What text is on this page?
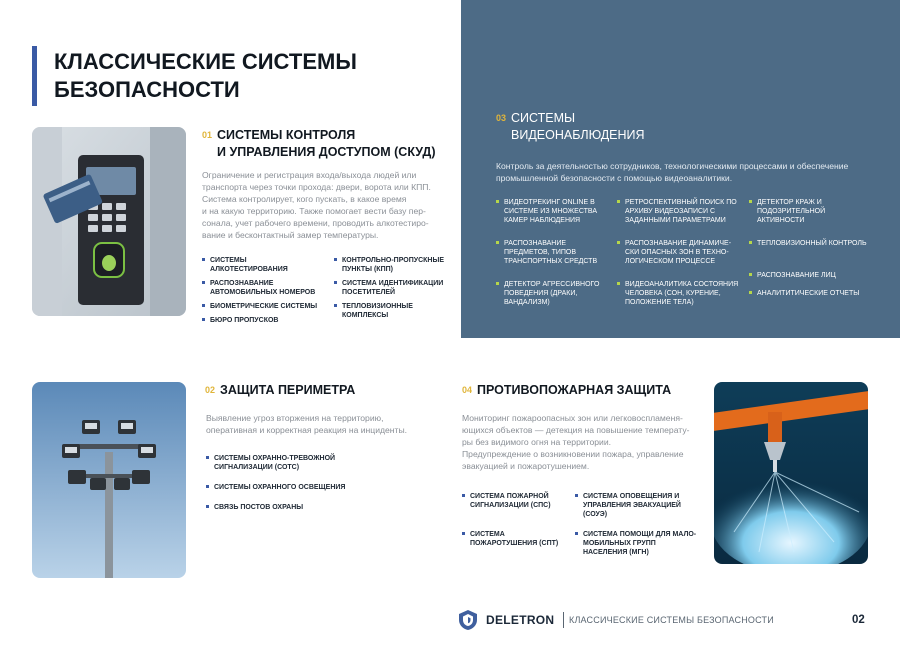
КЛАССИЧЕСКИЕ СИСТЕМЫ
БЕЗОПАСНОСТИ
01 СИСТЕМЫ КОНТРОЛЯ
И УПРАВЛЕНИЯ ДОСТУПОМ (СКУД)

Ограничение и регистрация входа/выхода людей или
транспорта через точки прохода: двери, ворота или КПП.
Система контролирует, кого пускать, в какое время
и на какую территорию. Также помогает вести базу пер-
сонала, учет рабочего времени, проводить алкотестиро-
вание и бесконтактный замер температуры.

СИСТЕМЫ АЛКОТЕСТИРОВАНИЯ
РАСПОЗНАВАНИЕ АВТОМОБИЛЬНЫХ НОМЕРОВ
БИОМЕТРИЧЕСКИЕ СИСТЕМЫ
БЮРО ПРОПУСКОВ
КОНТРОЛЬНО-ПРОПУСКНЫЕ ПУНКТЫ (КПП)
СИСТЕМА ИДЕНТИФИКАЦИИ ПОСЕТИТЕЛЕЙ
ТЕПЛОВИЗИОННЫЕ КОМПЛЕКСЫ
03 СИСТЕМЫ
ВИДЕОНАБЛЮДЕНИЯ

Контроль за деятельностью сотрудников, технологическими процессами и обеспечение
промышленной безопасности с помощью видеоаналитики.

ВИДЕОТРЕКИНГ ONLINE В СИСТЕМЕ ИЗ МНОЖЕСТВА КАМЕР НАБЛЮДЕНИЯ
РАСПОЗНАВАНИЕ ПРЕДМЕТОВ, ТИПОВ ТРАНСПОРТНЫХ СРЕДСТВ
ДЕТЕКТОР АГРЕССИВНОГО ПОВЕДЕНИЯ (ДРАКИ, ВАНДАЛИЗМ)
РЕТРОСПЕКТИВНЫЙ ПОИСК ПО АРХИВУ ВИДЕОЗАПИСИ С ЗАДАННЫМИ ПАРАМЕТРАМИ
РАСПОЗНАВАНИЕ ДИНАМИЧЕ-СКИ ОПАСНЫХ ЗОН В ТЕХНО-ЛОГИЧЕСКОМ ПРОЦЕССЕ
ВИДЕОАНАЛИТИКА СОСТОЯНИЯ ЧЕЛОВЕКА (СОН, КУРЕНИЕ, ПОЛОЖЕНИЕ ТЕЛА)
ДЕТЕКТОР КРАЖ И ПОДОЗРИТЕЛЬНОЙ АКТИВНОСТИ
ТЕПЛОВИЗИОННЫЙ КОНТРОЛЬ
РАСПОЗНАВАНИЕ ЛИЦ
АНАЛИТИТИЧЕСКИЕ ОТЧЕТЫ
02 ЗАЩИТА ПЕРИМЕТРА

Выявление угроз вторжения на территорию,
оперативная и корректная реакция на инциденты.

СИСТЕМЫ ОХРАННО-ТРЕВОЖНОЙ СИГНАЛИЗАЦИИ (СОТС)
СИСТЕМЫ ОХРАННОГО ОСВЕЩЕНИЯ
СВЯЗЬ ПОСТОВ ОХРАНЫ
04 ПРОТИВОПОЖАРНАЯ ЗАЩИТА

Мониторинг пожароопасных зон или легковоспламеня-
ющихся объектов — детекция на повышение температу-
ры без видимого огня на территории.
Предупреждение о возникновении пожара, управление
эвакуацией и пожаротушением.

СИСТЕМА ПОЖАРНОЙ СИГНАЛИЗАЦИИ (СПС)
СИСТЕМА ПОЖАРОТУШЕНИЯ (СПТ)
СИСТЕМА ОПОВЕЩЕНИЯ И УПРАВЛЕНИЯ ЭВАКУАЦИЕЙ (СОУЭ)
СИСТЕМА ПОМОЩИ ДЛЯ МАЛО-МОБИЛЬНЫХ ГРУПП НАСЕЛЕНИЯ (МГН)
DELETRON КЛАССИЧЕСКИЕ СИСТЕМЫ БЕЗОПАСНОСТИ	02
